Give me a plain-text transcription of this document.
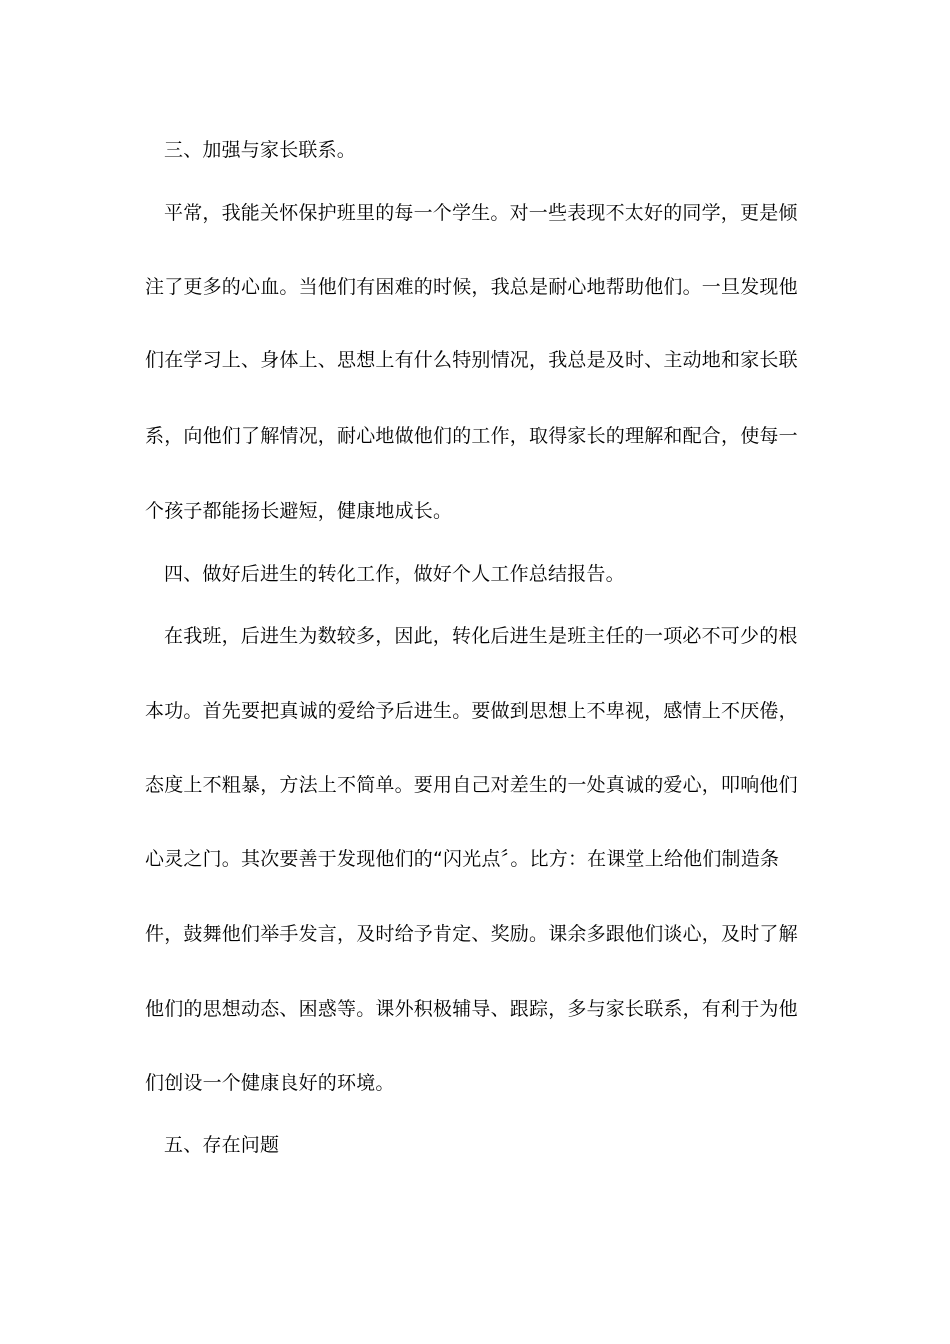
三、加强与家长联系。
平常，我能关怀保护班里的每一个学生。对一些表现不太好的同学，更是倾
注了更多的心血。当他们有困难的时候，我总是耐心地帮助他们。一旦发现他
们在学习上、身体上、思想上有什么特别情况，我总是及时、主动地和家长联
系，向他们了解情况，耐心地做他们的工作，取得家长的理解和配合，使每一
个孩子都能扬长避短，健康地成长。
四、做好后进生的转化工作，做好个人工作总结报告。
在我班，后进生为数较多，因此，转化后进生是班主任的一项必不可少的根
本功。首先要把真诚的爱给予后进生。要做到思想上不卑视，感情上不厌倦，
态度上不粗暴，方法上不简单。要用自己对差生的一处真诚的爱心，叩响他们
心灵之门。其次要善于发现他们的“闪光点〞。比方：在课堂上给他们制造条
件，鼓舞他们举手发言，及时给予肯定、奖励。课余多跟他们谈心，及时了解
他们的思想动态、困惑等。课外积极辅导、跟踪，多与家长联系，有利于为他
们创设一个健康良好的环境。
五、存在问题
